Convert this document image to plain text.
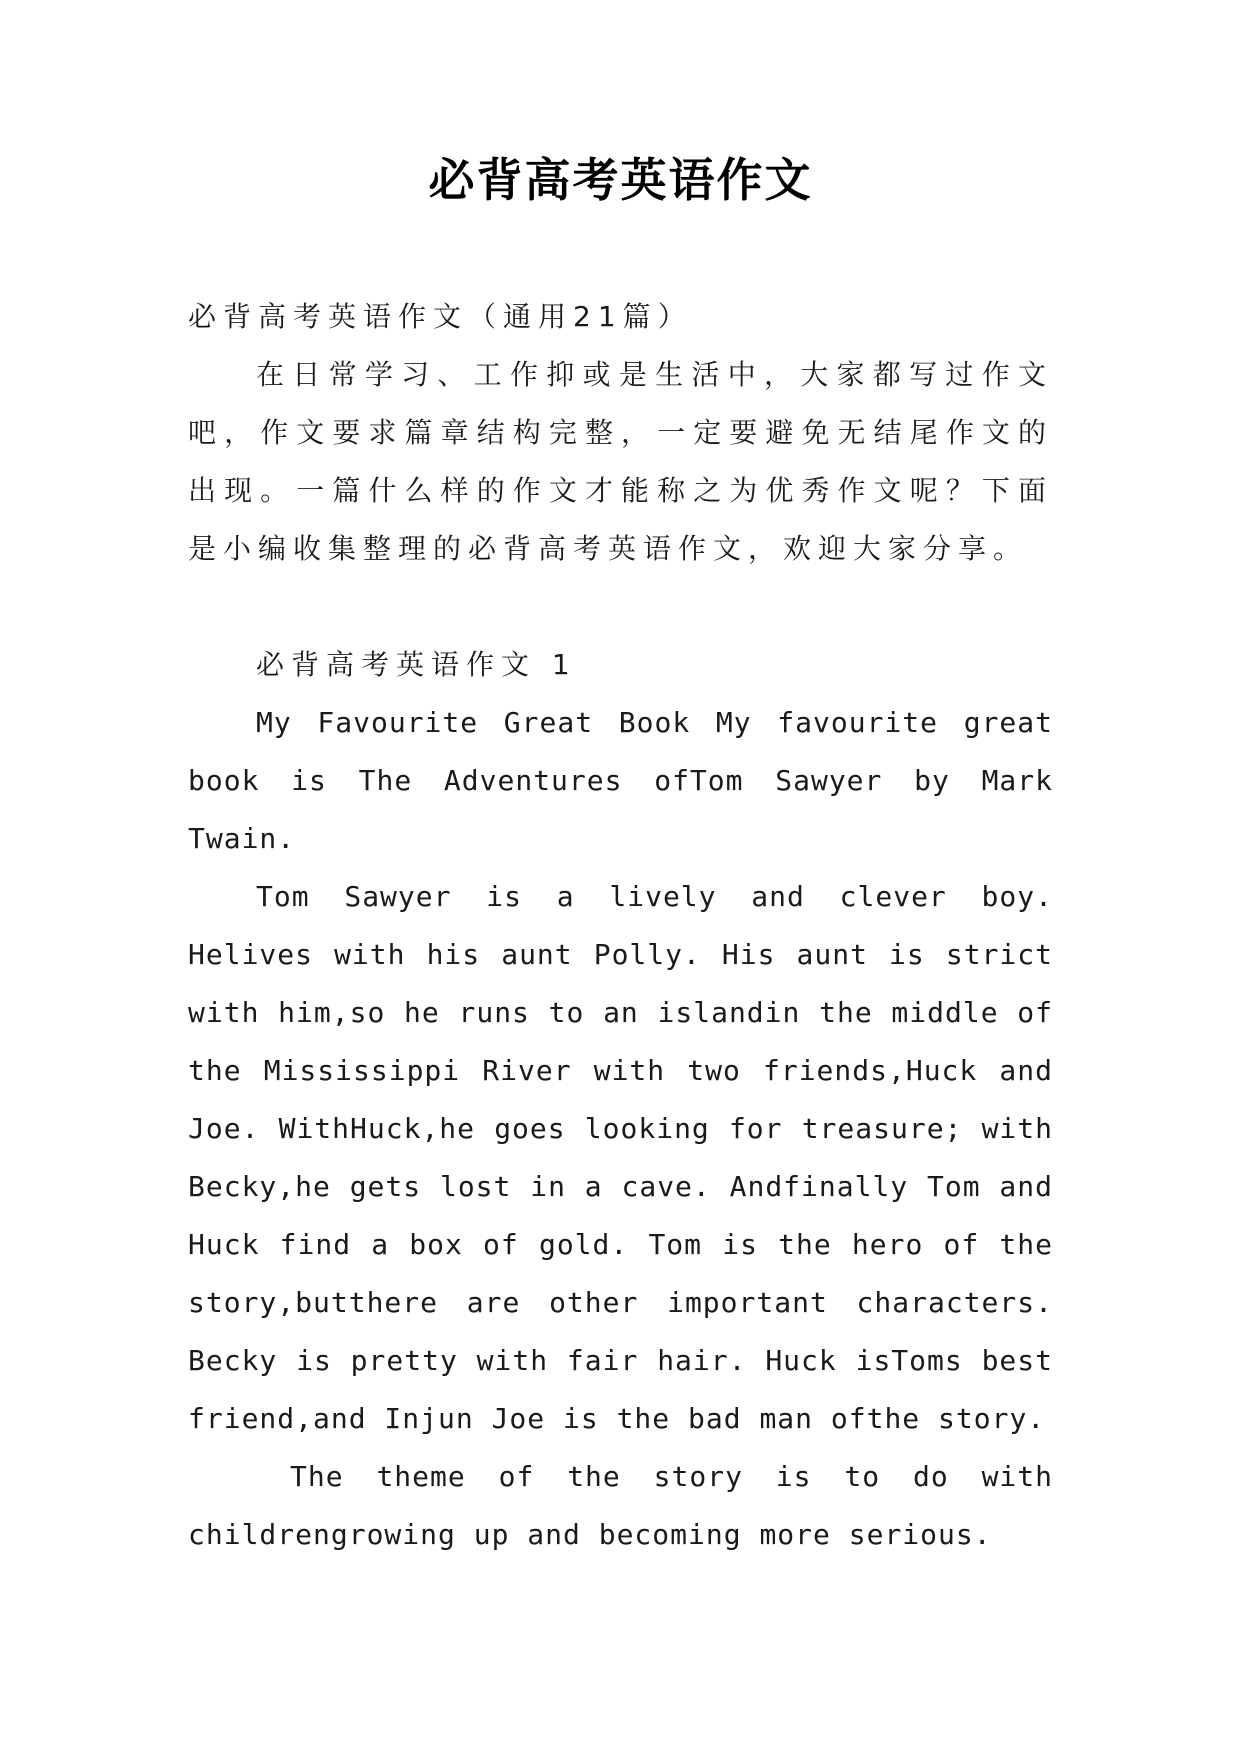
必背高考英语作文

必背高考英语作文（通用21篇）

在日常学习、工作抑或是生活中，大家都写过作文吧，作文要求篇章结构完整，一定要避免无结尾作文的出现。一篇什么样的作文才能称之为优秀作文呢？下面是小编收集整理的必背高考英语作文，欢迎大家分享。

必背高考英语作文 1

My Favourite Great Book My favourite great book is The Adventures ofTom Sawyer by Mark Twain.

Tom Sawyer is a lively and clever boy. Helives with his aunt Polly. His aunt is strict with him,so he runs to an islandin the middle of the Mississippi River with two friends,Huck and Joe. WithHuck,he goes looking for treasure; with Becky,he gets lost in a cave. Andfinally Tom and Huck find a box of gold. Tom is the hero of the story,butthere are other important characters. Becky is pretty with fair hair. Huck isToms best friend,and Injun Joe is the bad man ofthe story.

The theme of the story is to do with childrengrowing up and becoming more serious.
